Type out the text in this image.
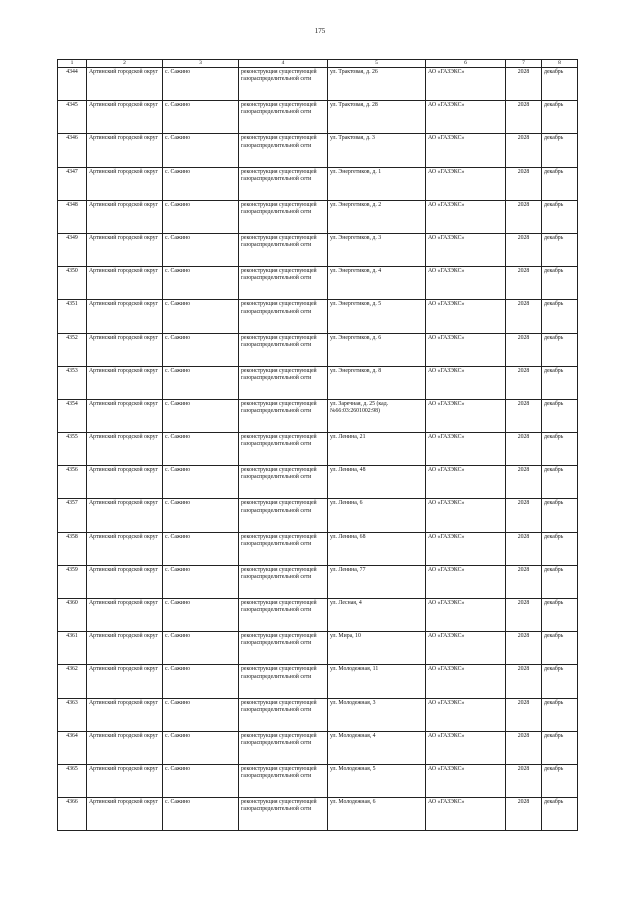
175
1	2	3	4	5	6	7	8
4344	Артинский городской округ	с. Сажино	реконструкция существующей газораспределительной сети	ул. Трактовая, д. 26	АО «ГАЗЭКС»	2028	декабрь
4345	Артинский городской округ	с. Сажино	реконструкция существующей газораспределительной сети	ул. Трактовая, д. 28	АО «ГАЗЭКС»	2028	декабрь
4346	Артинский городской округ	с. Сажино	реконструкция существующей газораспределительной сети	ул. Трактовая, д. 3	АО «ГАЗЭКС»	2028	декабрь
4347	Артинский городской округ	с. Сажино	реконструкция существующей газораспределительной сети	ул. Энергетиков, д. 1	АО «ГАЗЭКС»	2028	декабрь
4348	Артинский городской округ	с. Сажино	реконструкция существующей газораспределительной сети	ул. Энергетиков, д. 2	АО «ГАЗЭКС»	2028	декабрь
4349	Артинский городской округ	с. Сажино	реконструкция существующей газораспределительной сети	ул. Энергетиков, д. 3	АО «ГАЗЭКС»	2028	декабрь
4350	Артинский городской округ	с. Сажино	реконструкция существующей газораспределительной сети	ул. Энергетиков, д. 4	АО «ГАЗЭКС»	2028	декабрь
4351	Артинский городской округ	с. Сажино	реконструкция существующей газораспределительной сети	ул. Энергетиков, д. 5	АО «ГАЗЭКС»	2028	декабрь
4352	Артинский городской округ	с. Сажино	реконструкция существующей газораспределительной сети	ул. Энергетиков, д. 6	АО «ГАЗЭКС»	2028	декабрь
4353	Артинский городской округ	с. Сажино	реконструкция существующей газораспределительной сети	ул. Энергетиков, д. 8	АО «ГАЗЭКС»	2028	декабрь
4354	Артинский городской округ	с. Сажино	реконструкция существующей газораспределительной сети	ул. Заречная, д. 25 (кад. №66:03:2601002:98)	АО «ГАЗЭКС»	2028	декабрь
4355	Артинский городской округ	с. Сажино	реконструкция существующей газораспределительной сети	ул. Ленина, 21	АО «ГАЗЭКС»	2028	декабрь
4356	Артинский городской округ	с. Сажино	реконструкция существующей газораспределительной сети	ул. Ленина, 48	АО «ГАЗЭКС»	2028	декабрь
4357	Артинский городской округ	с. Сажино	реконструкция существующей газораспределительной сети	ул. Ленина, 6	АО «ГАЗЭКС»	2028	декабрь
4358	Артинский городской округ	с. Сажино	реконструкция существующей газораспределительной сети	ул. Ленина, 68	АО «ГАЗЭКС»	2028	декабрь
4359	Артинский городской округ	с. Сажино	реконструкция существующей газораспределительной сети	ул. Ленина, 77	АО «ГАЗЭКС»	2028	декабрь
4360	Артинский городской округ	с. Сажино	реконструкция существующей газораспределительной сети	ул. Лесная, 4	АО «ГАЗЭКС»	2028	декабрь
4361	Артинский городской округ	с. Сажино	реконструкция существующей газораспределительной сети	ул. Мира, 10	АО «ГАЗЭКС»	2028	декабрь
4362	Артинский городской округ	с. Сажино	реконструкция существующей газораспределительной сети	ул. Молодежная, 11	АО «ГАЗЭКС»	2028	декабрь
4363	Артинский городской округ	с. Сажино	реконструкция существующей газораспределительной сети	ул. Молодежная, 3	АО «ГАЗЭКС»	2028	декабрь
4364	Артинский городской округ	с. Сажино	реконструкция существующей газораспределительной сети	ул. Молодежная, 4	АО «ГАЗЭКС»	2028	декабрь
4365	Артинский городской округ	с. Сажино	реконструкция существующей газораспределительной сети	ул. Молодежная, 5	АО «ГАЗЭКС»	2028	декабрь
4366	Артинский городской округ	с. Сажино	реконструкция существующей газораспределительной сети	ул. Молодежная, 6	АО «ГАЗЭКС»	2028	декабрь
